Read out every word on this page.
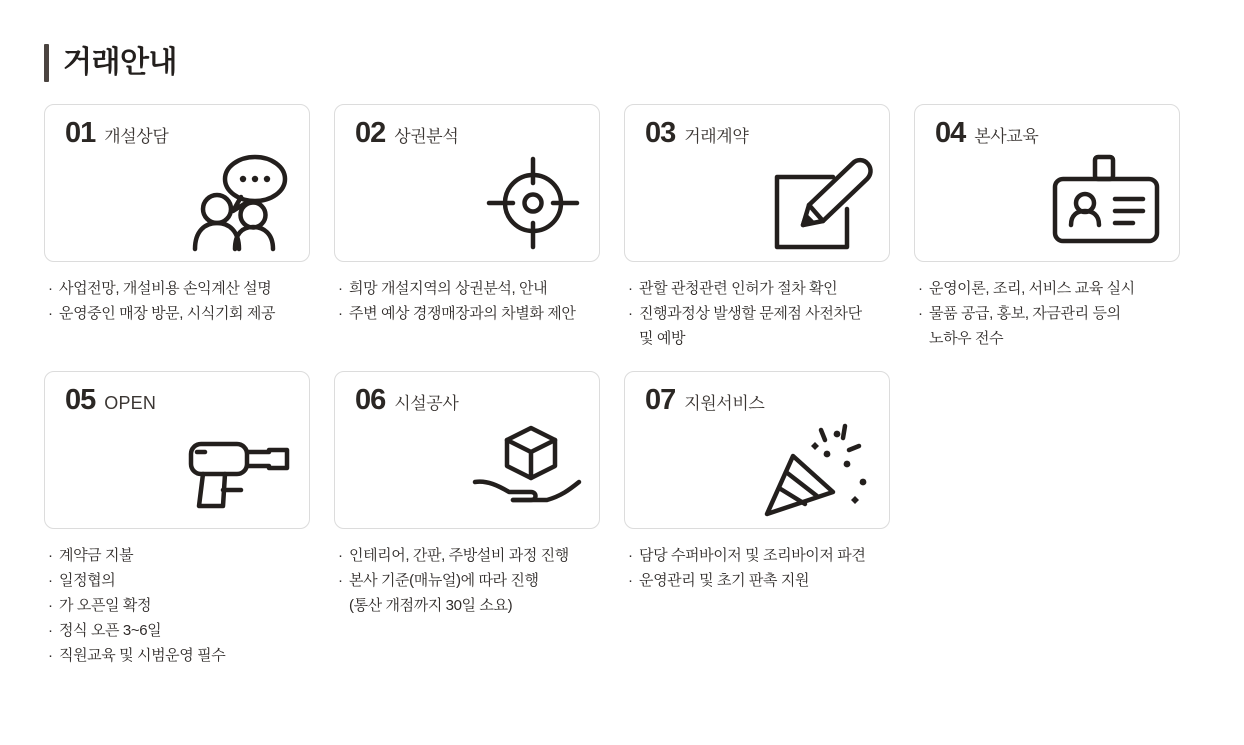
거래안내
01 개설상담
· 사업전망, 개설비용 손익계산 설명
· 운영중인 매장 방문, 시식기회 제공
02 상권분석
· 희망 개설지역의 상권분석, 안내
· 주변 예상 경쟁매장과의 차별화 제안
03 거래계약
· 관할 관청관련 인허가 절차 확인
· 진행과정상 발생할 문제점 사전차단
및 예방
04 본사교육
· 운영이론, 조리, 서비스 교육 실시
· 물품 공급, 홍보, 자금관리 등의
노하우 전수
05 OPEN
· 계약금 지불
· 일정협의
· 가 오픈일 확정
· 정식 오픈 3~6일
· 직원교육 및 시범운영 필수
06 시설공사
· 인테리어, 간판, 주방설비 과정 진행
· 본사 기준(매뉴얼)에 따라 진행
(통산 개점까지 30일 소요)
07 지원서비스
· 담당 수퍼바이저 및 조리바이저 파견
· 운영관리 및 초기 판촉 지원
